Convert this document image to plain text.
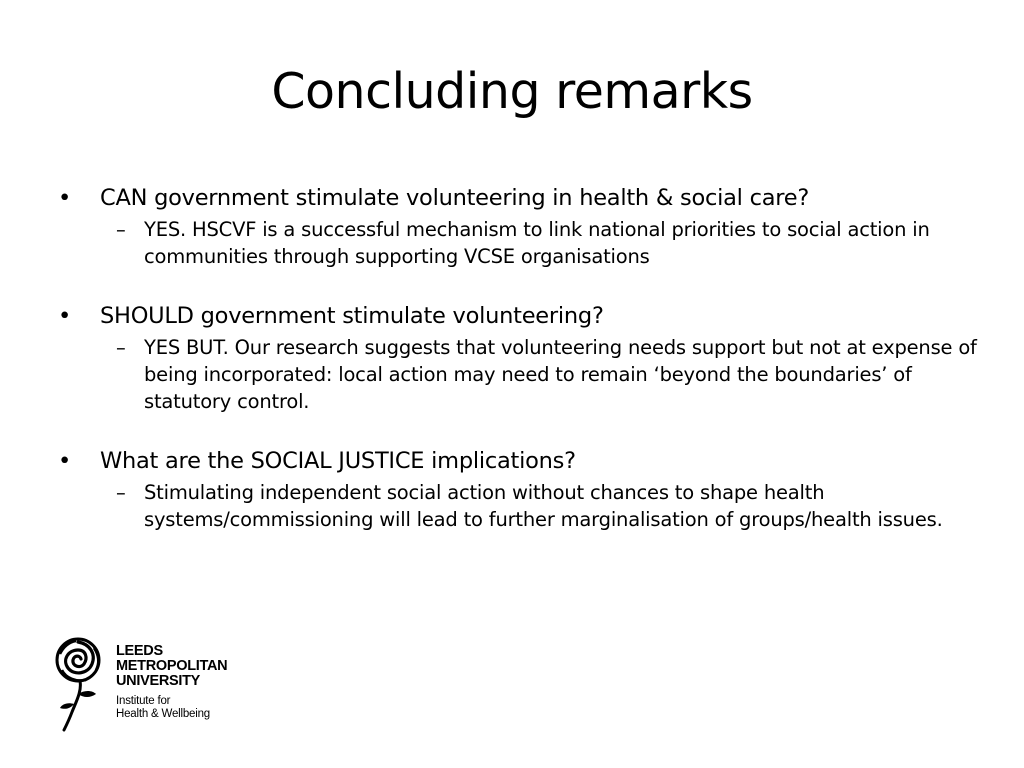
Concluding remarks
• CAN government stimulate volunteering in health & social care?
– YES. HSCVF is a successful mechanism to link national priorities to social action in communities through supporting VCSE organisations
• SHOULD government stimulate volunteering?
– YES BUT. Our research suggests that volunteering needs support but not at expense of being incorporated: local action may need to remain ‘beyond the boundaries’ of statutory control.
• What are the SOCIAL JUSTICE implications?
– Stimulating independent social action without chances to shape health systems/commissioning will lead to further marginalisation of groups/health issues.
LEEDS
METROPOLITAN
UNIVERSITY
Institute for
Health & Wellbeing
